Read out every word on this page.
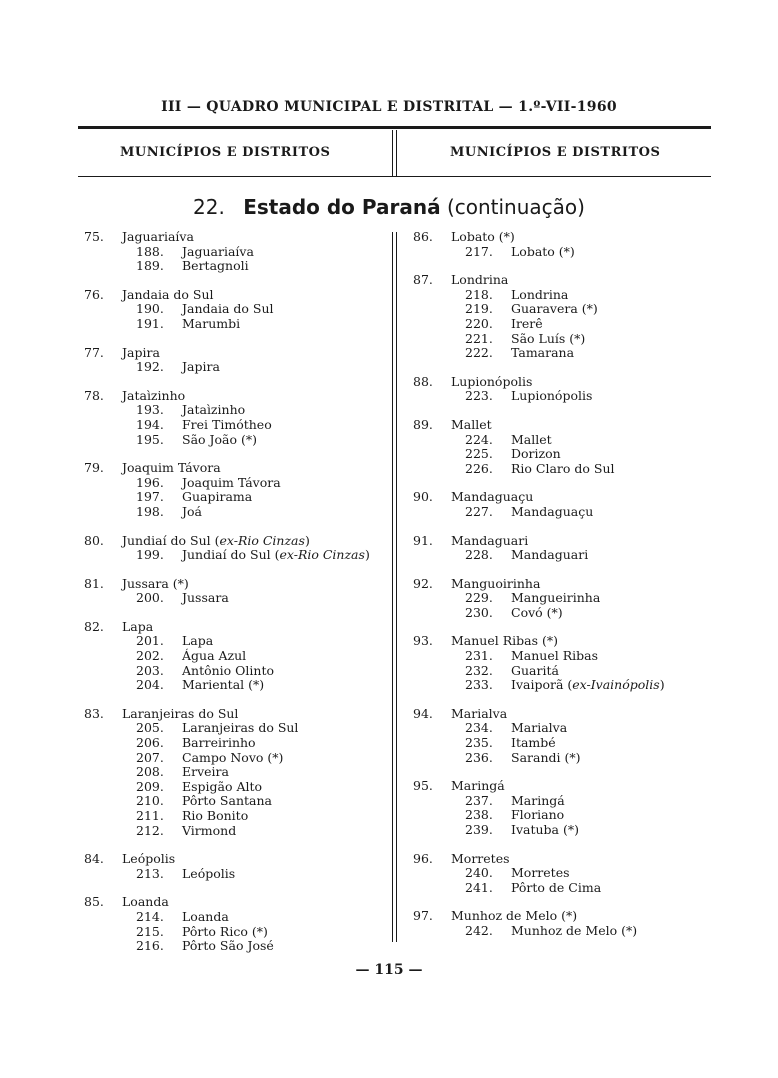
III — QUADRO MUNICIPAL E DISTRITAL — 1.º-VII-1960
MUNICÍPIOS E DISTRITOS	MUNICÍPIOS E DISTRITOS
22. Estado do Paraná (continuação)
75. Jaguariaíva
188. Jaguariaíva
189. Bertagnoli
76. Jandaia do Sul
190. Jandaia do Sul
191. Marumbi
77. Japira
192. Japira
78. Jataìzinho
193. Jataìzinho
194. Frei Timótheo
195. São João (*)
79. Joaquim Távora
196. Joaquim Távora
197. Guapirama
198. Joá
80. Jundiaí do Sul (ex-Rio Cinzas)
199. Jundiaí do Sul (ex-Rio Cinzas)
81. Jussara (*)
200. Jussara
82. Lapa
201. Lapa
202. Água Azul
203. Antônio Olinto
204. Mariental (*)
83. Laranjeiras do Sul
205. Laranjeiras do Sul
206. Barreirinho
207. Campo Novo (*)
208. Erveira
209. Espigão Alto
210. Pôrto Santana
211. Rio Bonito
212. Virmond
84. Leópolis
213. Leópolis
85. Loanda
214. Loanda
215. Pôrto Rico (*)
216. Pôrto São José
86. Lobato (*)
217. Lobato (*)
87. Londrina
218. Londrina
219. Guaravera (*)
220. Irerê
221. São Luís (*)
222. Tamarana
88. Lupionópolis
223. Lupionópolis
89. Mallet
224. Mallet
225. Dorizon
226. Rio Claro do Sul
90. Mandaguaçu
227. Mandaguaçu
91. Mandaguari
228. Mandaguari
92. Manguoirinha
229. Mangueirinha
230. Covó (*)
93. Manuel Ribas (*)
231. Manuel Ribas
232. Guaritá
233. Ivaiporã (ex-Ivainópolis)
94. Marialva
234. Marialva
235. Itambé
236. Sarandi (*)
95. Maringá
237. Maringá
238. Floriano
239. Ivatuba (*)
96. Morretes
240. Morretes
241. Pôrto de Cima
97. Munhoz de Melo (*)
242. Munhoz de Melo (*)
— 115 —
